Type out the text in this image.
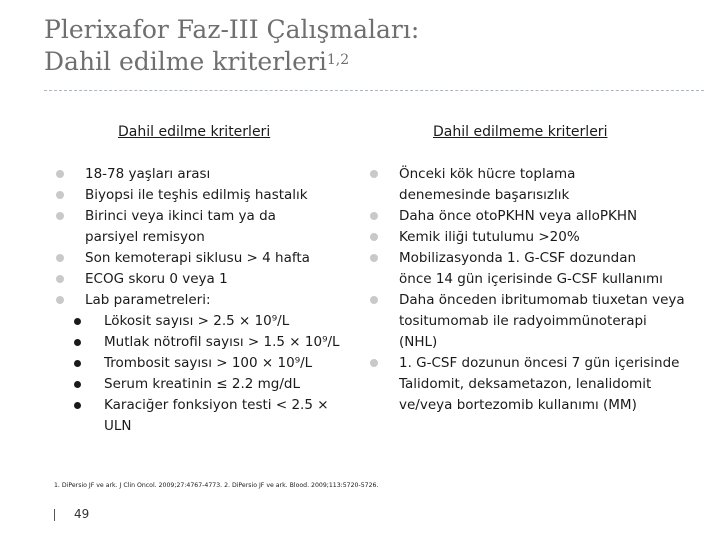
Plerixafor Faz-III Çalışmaları:
Dahil edilme kriterleri$^{1,2}$
Dahil edilme kriterleri	Dahil edilmeme kriterleri
18-78 yaşları arası
Biyopsi ile teşhis edilmiş hastalık
Birinci veya ikinci tam ya da parsiyel remisyon
Son kemoterapi siklusu > 4 hafta
ECOG skoru 0 veya 1
Lab parametreleri:
Lökosit sayısı > 2.5 × 10⁹/L
Mutlak nötrofil sayısı > 1.5 × 10⁹/L
Trombosit sayısı > 100 × 10⁹/L
Serum kreatinin ≤ 2.2 mg/dL
Karaciğer fonksiyon testi < 2.5 × ULN
Önceki kök hücre toplama denemesinde başarısızlık
Daha önce otoPKHN veya alloPKHN
Kemik iliği tutulumu >20%
Mobilizasyonda 1. G-CSF dozundan önce 14 gün içerisinde G-CSF kullanımı
Daha önceden ibritumomab tiuxetan veya tositumomab ile radyoimmünoterapi (NHL)
1. G-CSF dozunun öncesi 7 gün içerisinde Talidomit, deksametazon, lenalidomit ve/veya bortezomib kullanımı (MM)
1. DiPersio JF ve ark. J Clin Oncol. 2009;27:4767-4773. 2. DiPersio JF ve ark. Blood. 2009;113:5720-5726.
49
